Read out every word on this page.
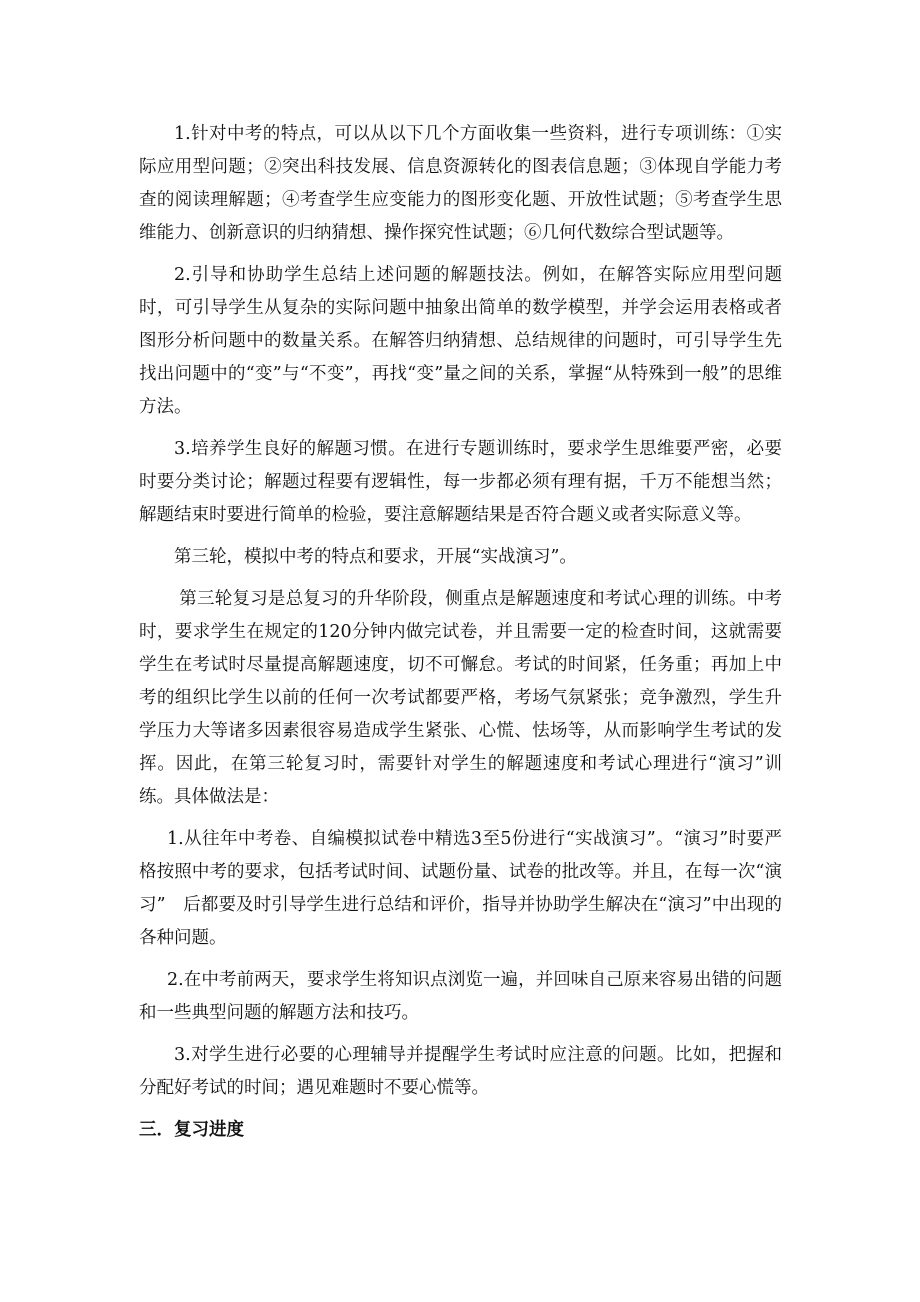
1.针对中考的特点，可以从以下几个方面收集一些资料，进行专项训练：①实际应用型问题；②突出科技发展、信息资源转化的图表信息题；③体现自学能力考查的阅读理解题；④考查学生应变能力的图形变化题、开放性试题；⑤考查学生思维能力、创新意识的归纳猜想、操作探究性试题；⑥几何代数综合型试题等。

2.引导和协助学生总结上述问题的解题技法。例如，在解答实际应用型问题时，可引导学生从复杂的实际问题中抽象出简单的数学模型，并学会运用表格或者图形分析问题中的数量关系。在解答归纳猜想、总结规律的问题时，可引导学生先找出问题中的“变”与“不变”，再找“变”量之间的关系，掌握“从特殊到一般”的思维方法。

3.培养学生良好的解题习惯。在进行专题训练时，要求学生思维要严密，必要时要分类讨论；解题过程要有逻辑性，每一步都必须有理有据，千万不能想当然；解题结束时要进行简单的检验，要注意解题结果是否符合题义或者实际意义等。

第三轮，模拟中考的特点和要求，开展“实战演习”。

第三轮复习是总复习的升华阶段，侧重点是解题速度和考试心理的训练。中考时，要求学生在规定的120分钟内做完试卷，并且需要一定的检查时间，这就需要学生在考试时尽量提高解题速度，切不可懈怠。考试的时间紧，任务重；再加上中考的组织比学生以前的任何一次考试都要严格，考场气氛紧张；竞争激烈，学生升学压力大等诸多因素很容易造成学生紧张、心慌、怯场等，从而影响学生考试的发挥。因此，在第三轮复习时，需要针对学生的解题速度和考试心理进行“演习”训练。具体做法是：

1.从往年中考卷、自编模拟试卷中精选3至5份进行“实战演习”。“演习”时要严格按照中考的要求，包括考试时间、试题份量、试卷的批改等。并且，在每一次“演习”　后都要及时引导学生进行总结和评价，指导并协助学生解决在“演习”中出现的各种问题。

2.在中考前两天，要求学生将知识点浏览一遍，并回味自己原来容易出错的问题和一些典型问题的解题方法和技巧。

3.对学生进行必要的心理辅导并提醒学生考试时应注意的问题。比如，把握和分配好考试的时间；遇见难题时不要心慌等。

三．复习进度
